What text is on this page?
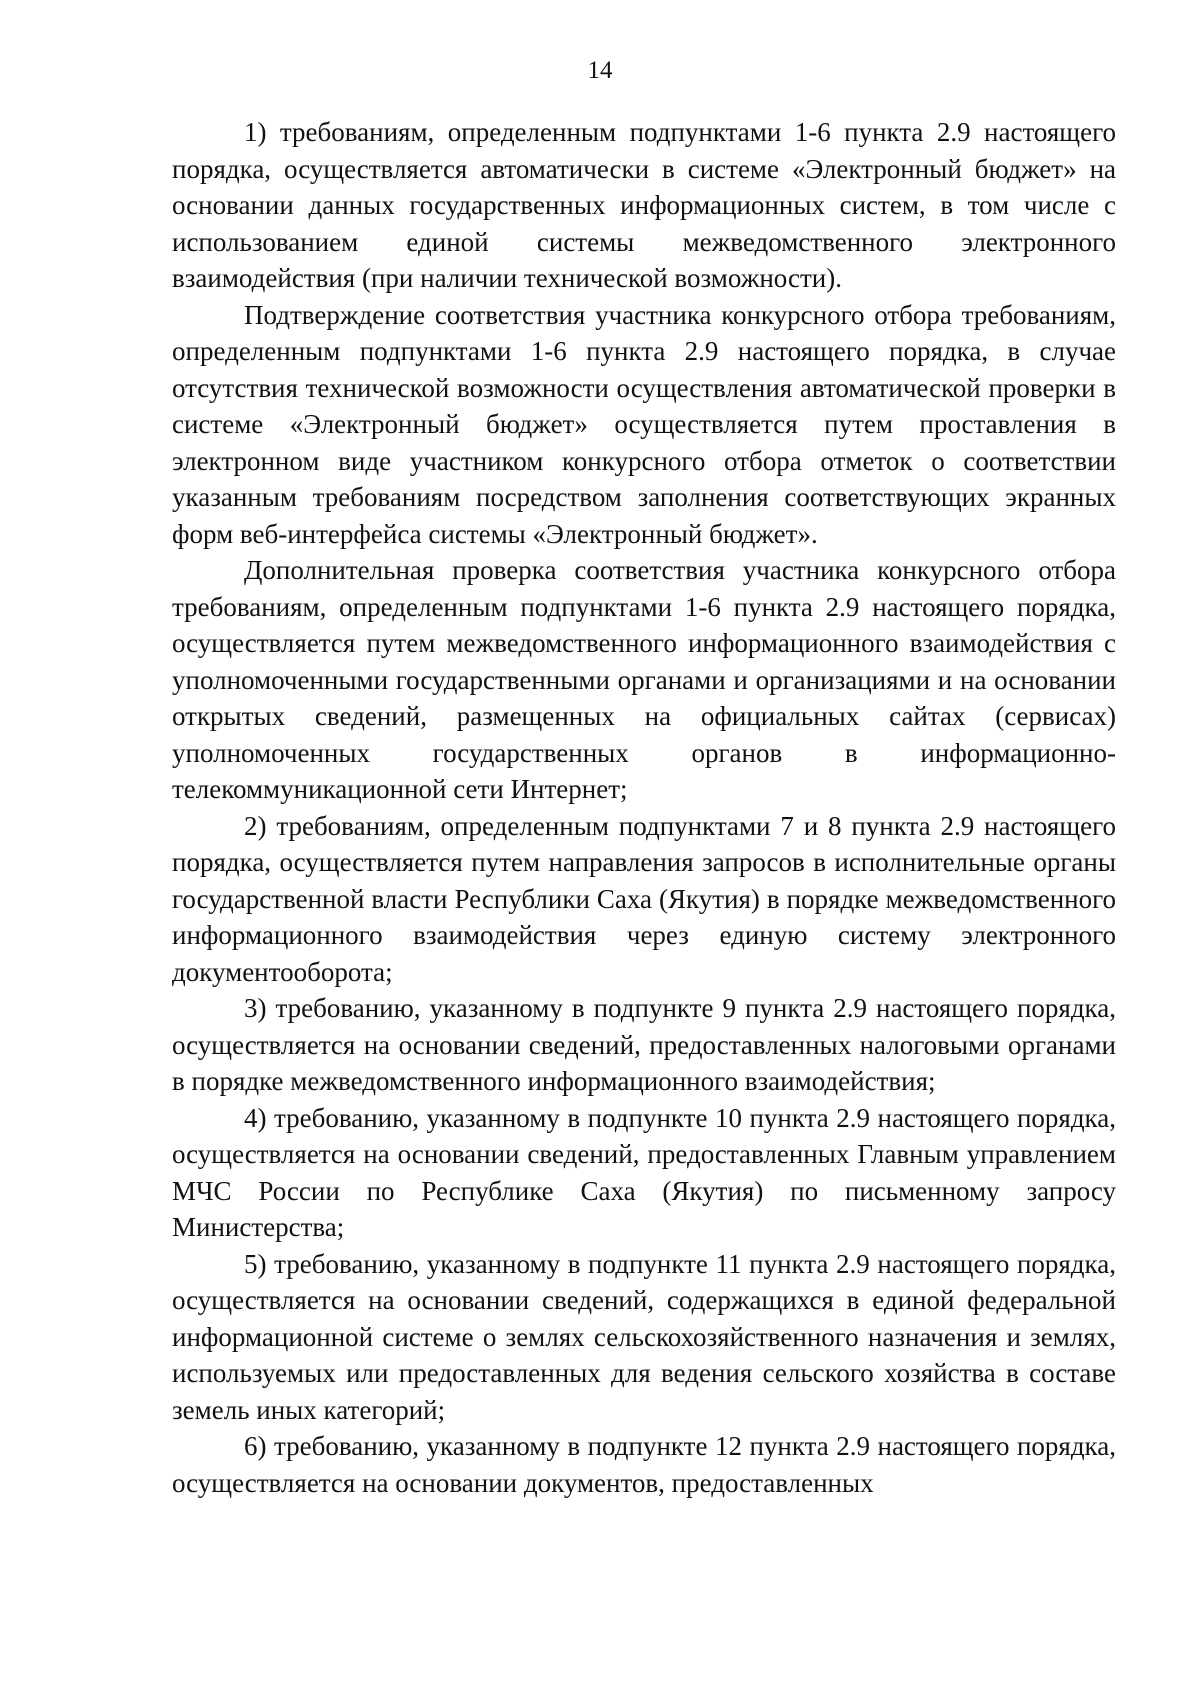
14

1) требованиям, определенным подпунктами 1-6 пункта 2.9 настоящего порядка, осуществляется автоматически в системе «Электронный бюджет» на основании данных государственных информационных систем, в том числе с использованием единой системы межведомственного электронного взаимодействия (при наличии технической возможности).

Подтверждение соответствия участника конкурсного отбора требованиям, определенным подпунктами 1-6 пункта 2.9 настоящего порядка, в случае отсутствия технической возможности осуществления автоматической проверки в системе «Электронный бюджет» осуществляется путем проставления в электронном виде участником конкурсного отбора отметок о соответствии указанным требованиям посредством заполнения соответствующих экранных форм веб-интерфейса системы «Электронный бюджет».

Дополнительная проверка соответствия участника конкурсного отбора требованиям, определенным подпунктами 1-6 пункта 2.9 настоящего порядка, осуществляется путем межведомственного информационного взаимодействия с уполномоченными государственными органами и организациями и на основании открытых сведений, размещенных на официальных сайтах (сервисах) уполномоченных государственных органов в информационно-телекоммуникационной сети Интернет;

2) требованиям, определенным подпунктами 7 и 8 пункта 2.9 настоящего порядка, осуществляется путем направления запросов в исполнительные органы государственной власти Республики Саха (Якутия) в порядке межведомственного информационного взаимодействия через единую систему электронного документооборота;

3) требованию, указанному в подпункте 9 пункта 2.9 настоящего порядка, осуществляется на основании сведений, предоставленных налоговыми органами в порядке межведомственного информационного взаимодействия;

4) требованию, указанному в подпункте 10 пункта 2.9 настоящего порядка, осуществляется на основании сведений, предоставленных Главным управлением МЧС России по Республике Саха (Якутия) по письменному запросу Министерства;

5) требованию, указанному в подпункте 11 пункта 2.9 настоящего порядка, осуществляется на основании сведений, содержащихся в единой федеральной информационной системе о землях сельскохозяйственного назначения и землях, используемых или предоставленных для ведения сельского хозяйства в составе земель иных категорий;

6) требованию, указанному в подпункте 12 пункта 2.9 настоящего порядка, осуществляется на основании документов, предоставленных
